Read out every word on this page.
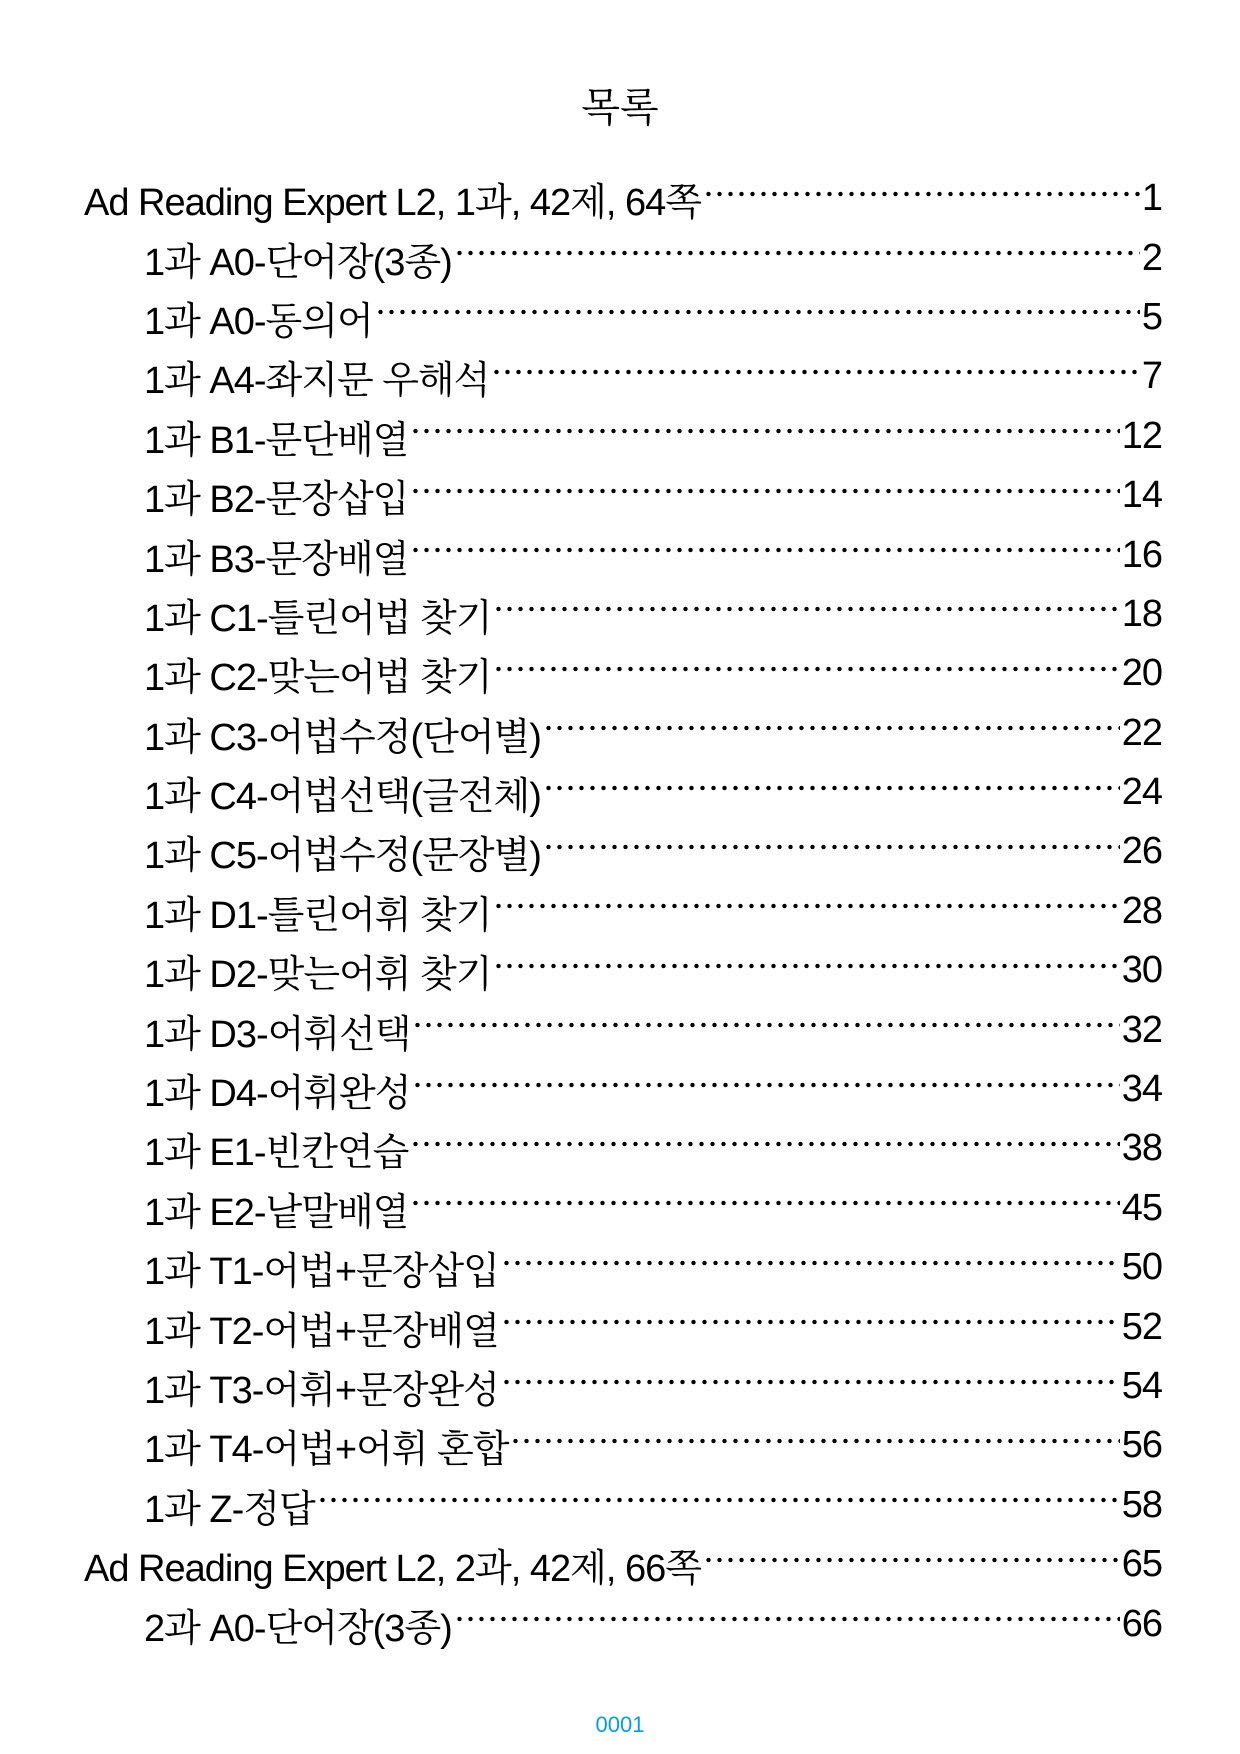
목록
Ad Reading Expert L2, 1과, 42제, 64쪽	1
1과 A0-단어장(3종)	2
1과 A0-동의어	5
1과 A4-좌지문 우해석	7
1과 B1-문단배열	12
1과 B2-문장삽입	14
1과 B3-문장배열	16
1과 C1-틀린어법 찾기	18
1과 C2-맞는어법 찾기	20
1과 C3-어법수정(단어별)	22
1과 C4-어법선택(글전체)	24
1과 C5-어법수정(문장별)	26
1과 D1-틀린어휘 찾기	28
1과 D2-맞는어휘 찾기	30
1과 D3-어휘선택	32
1과 D4-어휘완성	34
1과 E1-빈칸연습	38
1과 E2-낱말배열	45
1과 T1-어법+문장삽입	50
1과 T2-어법+문장배열	52
1과 T3-어휘+문장완성	54
1과 T4-어법+어휘 혼합	56
1과 Z-정답	58
Ad Reading Expert L2, 2과, 42제, 66쪽	65
2과 A0-단어장(3종)	66
0001
